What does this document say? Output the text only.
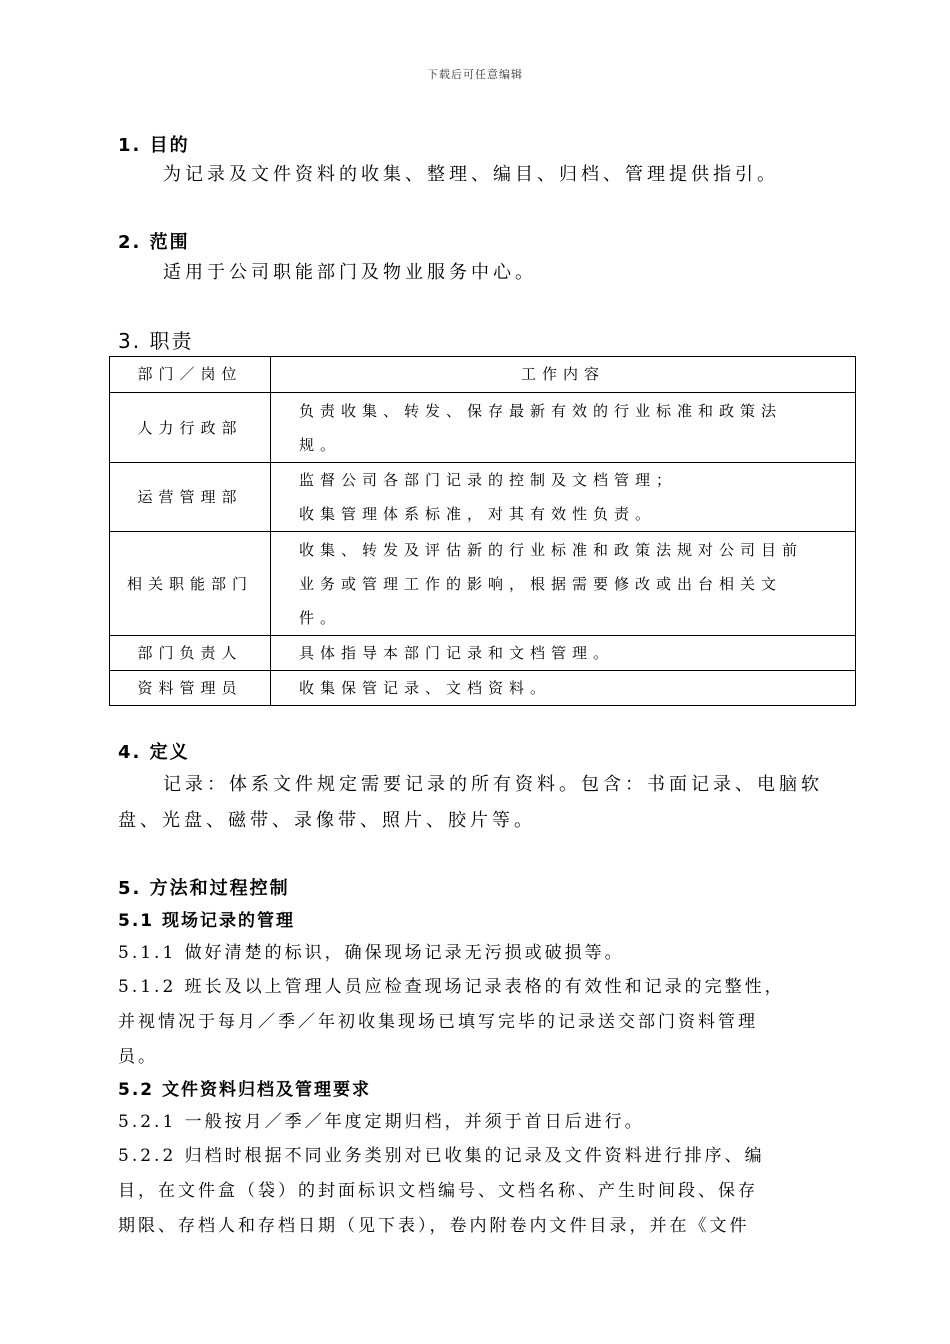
下载后可任意编辑
1. 目的
为记录及文件资料的收集、整理、编目、归档、管理提供指引。
2. 范围
适用于公司职能部门及物业服务中心。
3. 职责
部门／岗位	工作内容
人力行政部	负责收集、转发、保存最新有效的行业标准和政策法
规。

运营管理部	监督公司各部门记录的控制及文档管理；
收集管理体系标准，对其有效性负责。

相关职能部门	收集、转发及评估新的行业标准和政策法规对公司目前
业务或管理工作的影响，根据需要修改或出台相关文
件。

部门负责人	具体指导本部门记录和文档管理。

资料管理员	收集保管记录、文档资料。
4. 定义
记录：体系文件规定需要记录的所有资料。包含：书面记录、电脑软
盘、光盘、磁带、录像带、照片、胶片等。
5. 方法和过程控制
5.1 现场记录的管理
5.1.1 做好清楚的标识，确保现场记录无污损或破损等。
5.1.2 班长及以上管理人员应检查现场记录表格的有效性和记录的完整性，
并视情况于每月／季／年初收集现场已填写完毕的记录送交部门资料管理
员。
5.2 文件资料归档及管理要求
5.2.1 一般按月／季／年度定期归档，并须于首日后进行。
5.2.2 归档时根据不同业务类别对已收集的记录及文件资料进行排序、编
目，在文件盒（袋）的封面标识文档编号、文档名称、产生时间段、保存
期限、存档人和存档日期（见下表），卷内附卷内文件目录，并在《文件
